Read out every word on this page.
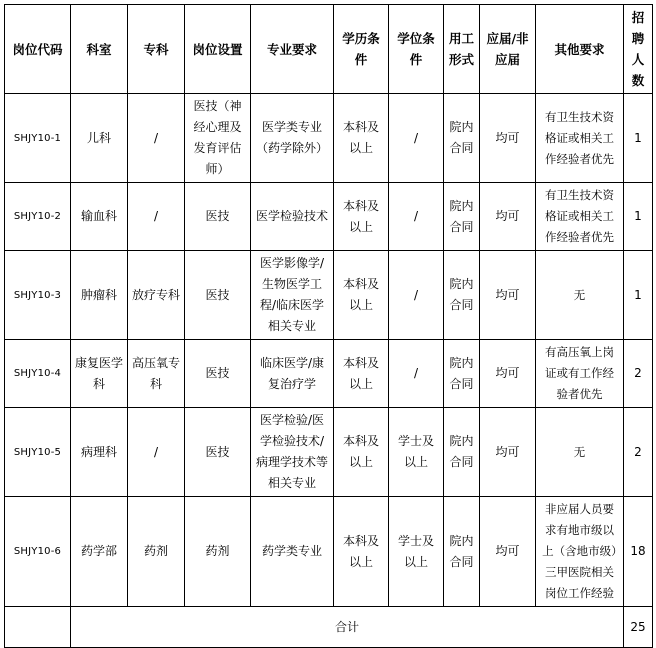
岗位代码	科室	专科	岗位设置	专业要求	学历条件	学位条件	用工形式	应届/非应届	其他要求	招聘人数
SHJY10-1	儿科	/	医技（神经心理及发育评估师）	医学类专业（药学除外）	本科及以上	/	院内合同	均可	有卫生技术资格证或相关工作经验者优先	1
SHJY10-2	输血科	/	医技	医学检验技术	本科及以上	/	院内合同	均可	有卫生技术资格证或相关工作经验者优先	1
SHJY10-3	肿瘤科	放疗专科	医技	医学影像学/生物医学工程/临床医学相关专业	本科及以上	/	院内合同	均可	无	1
SHJY10-4	康复医学科	高压氧专科	医技	临床医学/康复治疗学	本科及以上	/	院内合同	均可	有高压氧上岗证或有工作经验者优先	2
SHJY10-5	病理科	/	医技	医学检验/医学检验技术/病理学技术等相关专业	本科及以上	学士及以上	院内合同	均可	无	2
SHJY10-6	药学部	药剂	药剂	药学类专业	本科及以上	学士及以上	院内合同	均可	非应届人员要求有地市级以上（含地市级）三甲医院相关岗位工作经验	18
	合计									25
